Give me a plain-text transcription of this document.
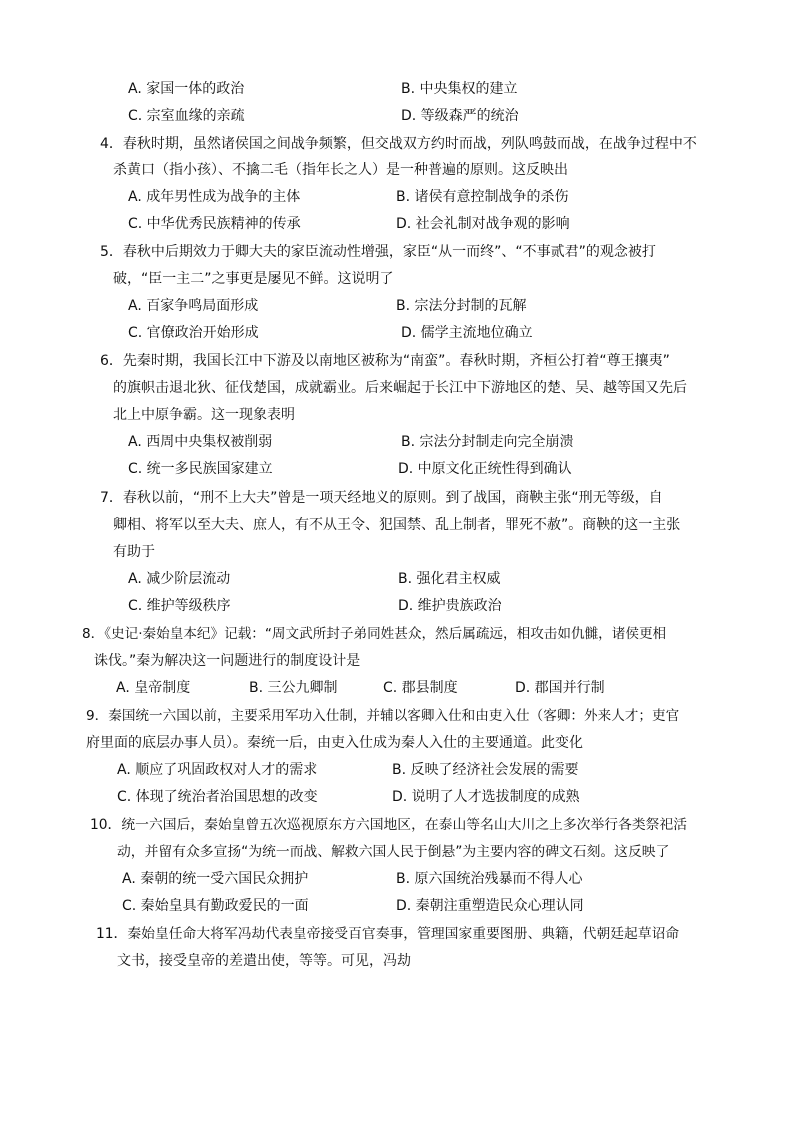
A. 家国一体的政治	B. 中央集权的建立
C. 宗室血缘的亲疏	D. 等级森严的统治
4．春秋时期，虽然诸侯国之间战争频繁，但交战双方约时而战，列队鸣鼓而战，在战争过程中不
杀黄口（指小孩）、不擒二毛（指年长之人）是一种普遍的原则。这反映出
A. 成年男性成为战争的主体	B. 诸侯有意控制战争的杀伤
C. 中华优秀民族精神的传承	D. 社会礼制对战争观的影响
5．春秋中后期效力于卿大夫的家臣流动性增强，家臣“从一而终”、“不事贰君”的观念被打
破，“臣一主二”之事更是屡见不鲜。这说明了
A. 百家争鸣局面形成	B. 宗法分封制的瓦解
C. 官僚政治开始形成	D. 儒学主流地位确立
6．先秦时期，我国长江中下游及以南地区被称为“南蛮”。春秋时期，齐桓公打着“尊王攘夷”
的旗帜击退北狄、征伐楚国，成就霸业。后来崛起于长江中下游地区的楚、吴、越等国又先后
北上中原争霸。这一现象表明
A. 西周中央集权被削弱	B. 宗法分封制走向完全崩溃
C. 统一多民族国家建立	D. 中原文化正统性得到确认
7．春秋以前，“刑不上大夫”曾是一项天经地义的原则。到了战国，商鞅主张“刑无等级，自
卿相、将军以至大夫、庶人，有不从王令、犯国禁、乱上制者，罪死不赦”。商鞅的这一主张
有助于
A. 减少阶层流动	B. 强化君主权威
C. 维护等级秩序	D. 维护贵族政治
8．《史记·秦始皇本纪》记载：“周文武所封子弟同姓甚众，然后属疏远，相攻击如仇雠，诸侯更相
诛伐。”秦为解决这一问题进行的制度设计是
A. 皇帝制度	B. 三公九卿制	C. 郡县制度	D. 郡国并行制
9．秦国统一六国以前，主要采用军功入仕制，并辅以客卿入仕和由吏入仕（客卿：外来人才；吏官
府里面的底层办事人员）。秦统一后，由吏入仕成为秦人入仕的主要通道。此变化
A. 顺应了巩固政权对人才的需求	B. 反映了经济社会发展的需要
C. 体现了统治者治国思想的改变	D. 说明了人才选拔制度的成熟
10．统一六国后，秦始皇曾五次巡视原东方六国地区，在泰山等名山大川之上多次举行各类祭祀活
动，并留有众多宣扬“为统一而战、解救六国人民于倒悬”为主要内容的碑文石刻。这反映了
A. 秦朝的统一受六国民众拥护	B. 原六国统治残暴而不得人心
C. 秦始皇具有勤政爱民的一面	D. 秦朝注重塑造民众心理认同
11．秦始皇任命大将军冯劫代表皇帝接受百官奏事，管理国家重要图册、典籍，代朝廷起草诏命
文书，接受皇帝的差遣出使，等等。可见，冯劫
